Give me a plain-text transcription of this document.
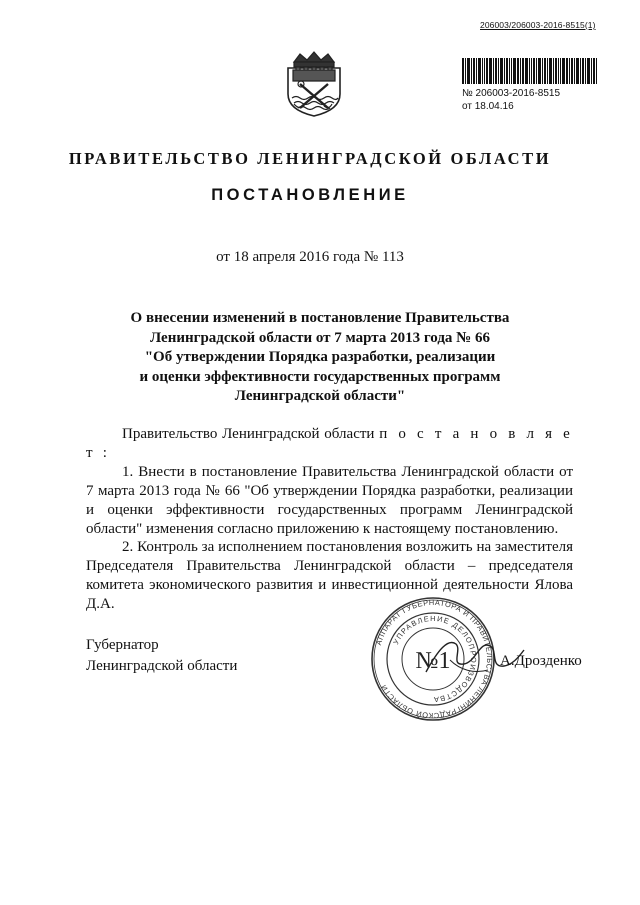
206003/206003-2016-8515(1)
№ 206003-2016-8515
от 18.04.16
ПРАВИТЕЛЬСТВО ЛЕНИНГРАДСКОЙ ОБЛАСТИ
ПОСТАНОВЛЕНИЕ
от 18 апреля 2016 года № 113
О внесении изменений в постановление Правительства
Ленинградской области от 7 марта 2013 года № 66
"Об утверждении Порядка разработки, реализации
и оценки эффективности государственных программ
Ленинградской области"

Правительство Ленинградской области п о с т а н о в л я е т :

1. Внести в постановление Правительства Ленинградской области от 7 марта 2013 года № 66 "Об утверждении Порядка разработки, реализации и оценки эффективности государственных программ Ленинградской области" изменения согласно приложению к настоящему постановлению.

2. Контроль за исполнением постановления возложить на заместителя Председателя Правительства Ленинградской области – председателя комитета экономического развития и инвестиционной деятельности Ялова Д.А.

Губернатор
Ленинградской области
АППАРАТ ГУБЕРНАТОРА И ПРАВИТЕЛЬСТВА ЛЕНИНГРАДСКОЙ ОБЛАСТИ
УПРАВЛЕНИЕ ДЕЛОПРОИЗВОДСТВА
№1	А.Дрозденко
